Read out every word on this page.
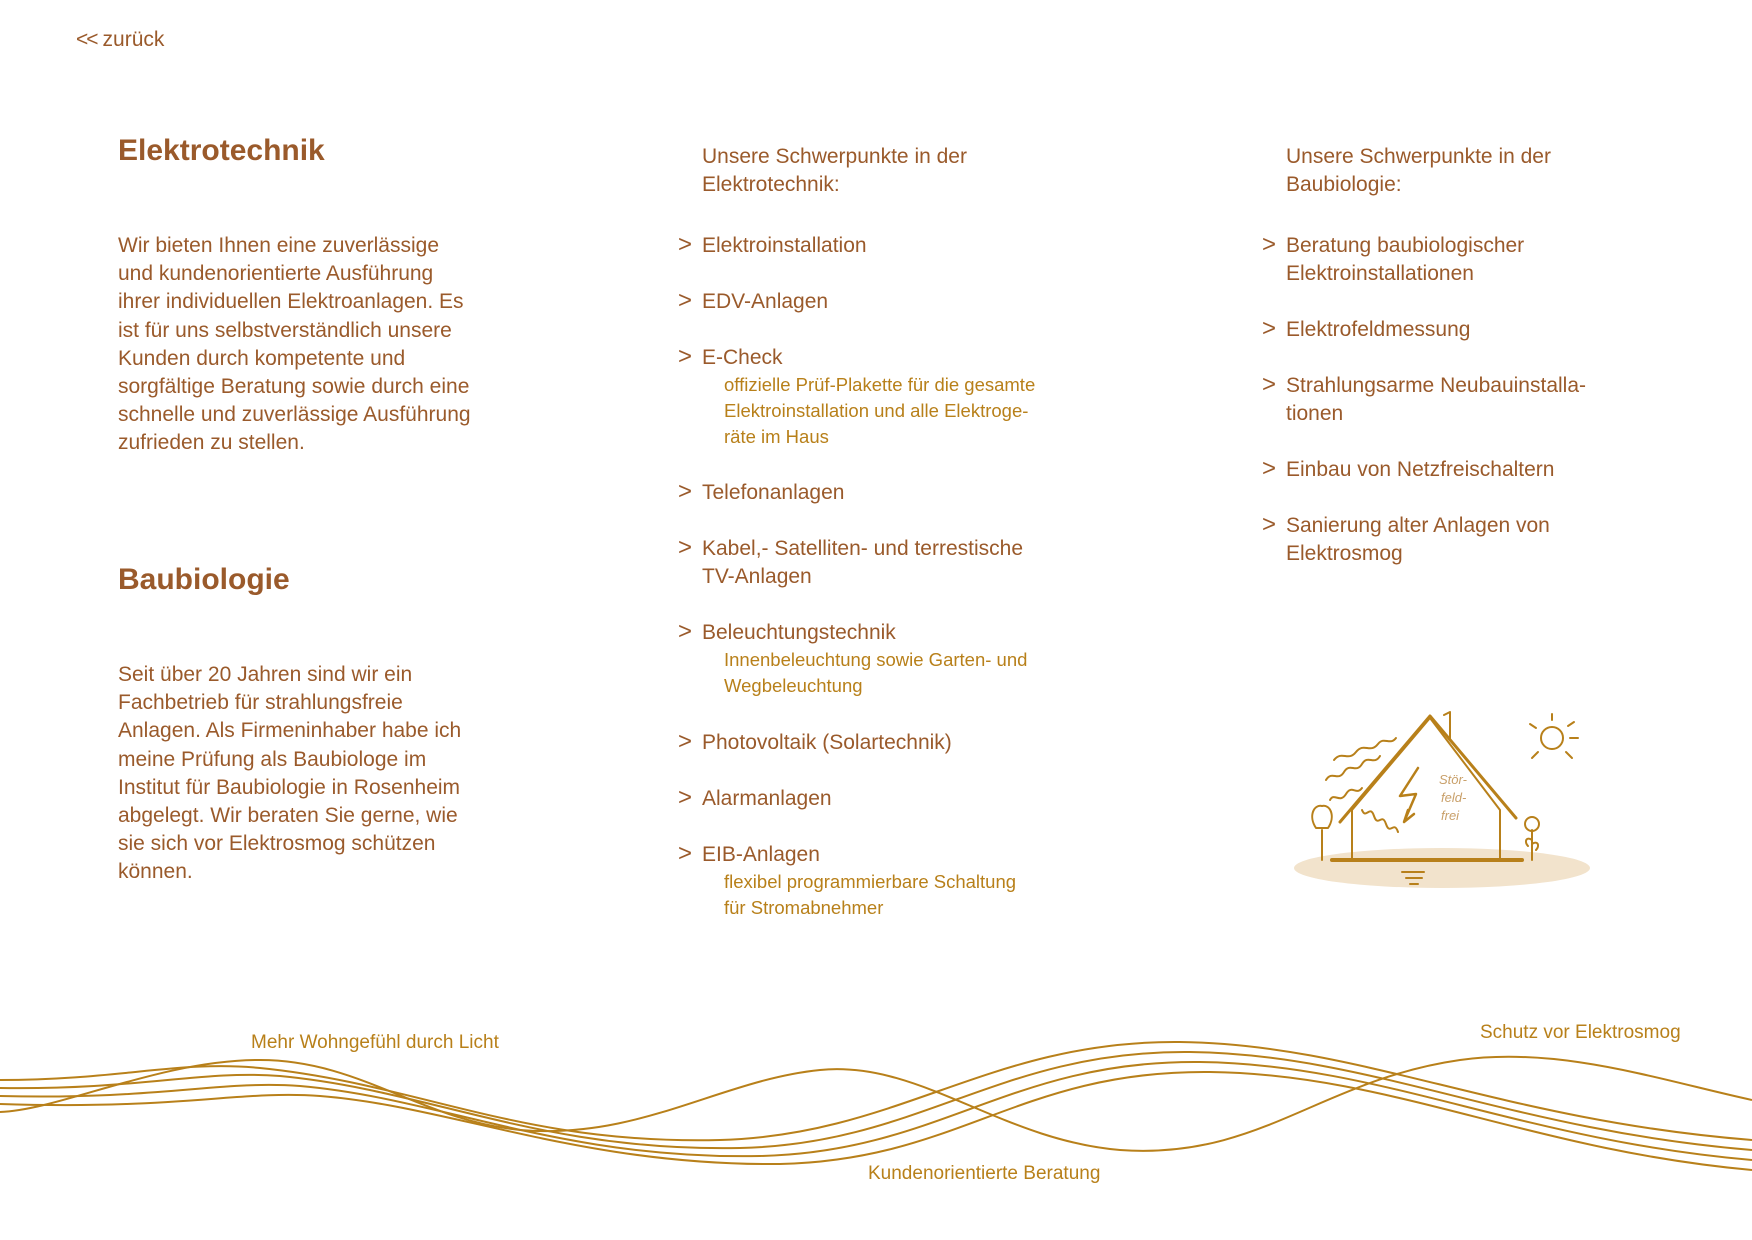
<< zurück
Elektrotechnik
Wir bieten Ihnen eine zuverlässige
und kundenorientierte Ausführung
ihrer individuellen Elektroanlagen. Es
ist für uns selbstverständlich unsere
Kunden durch kompetente und
sorgfältige Beratung sowie durch eine
schnelle und zuverlässige Ausführung
zufrieden zu stellen.
Baubiologie
Seit über 20 Jahren sind wir ein
Fachbetrieb für strahlungsfreie
Anlagen. Als Firmeninhaber habe ich
meine Prüfung als Baubiologe im
Institut für Baubiologie in Rosenheim
abgelegt. Wir beraten Sie gerne, wie
sie sich vor Elektrosmog schützen
können.
Unsere Schwerpunkte in der
Elektrotechnik:
> Elektroinstallation
> EDV-Anlagen
> E-Check
offizielle Prüf-Plakette für die gesamte
Elektroinstallation und alle Elektroge-
räte im Haus
> Telefonanlagen
> Kabel,- Satelliten- und terrestische
TV-Anlagen
> Beleuchtungstechnik
Innenbeleuchtung sowie Garten- und
Wegbeleuchtung
> Photovoltaik (Solartechnik)
> Alarmanlagen
> EIB-Anlagen
flexibel programmierbare Schaltung
für Stromabnehmer
Unsere Schwerpunkte in der
Baubiologie:
> Beratung baubiologischer
Elektroinstallationen
> Elektrofeldmessung
> Strahlungsarme Neubauinstalla-
tionen
> Einbau von Netzfreischaltern
> Sanierung alter Anlagen von
Elektrosmog
Stör-
feld-
frei
Mehr Wohngefühl durch Licht	Schutz vor Elektrosmog
Kundenorientierte Beratung
